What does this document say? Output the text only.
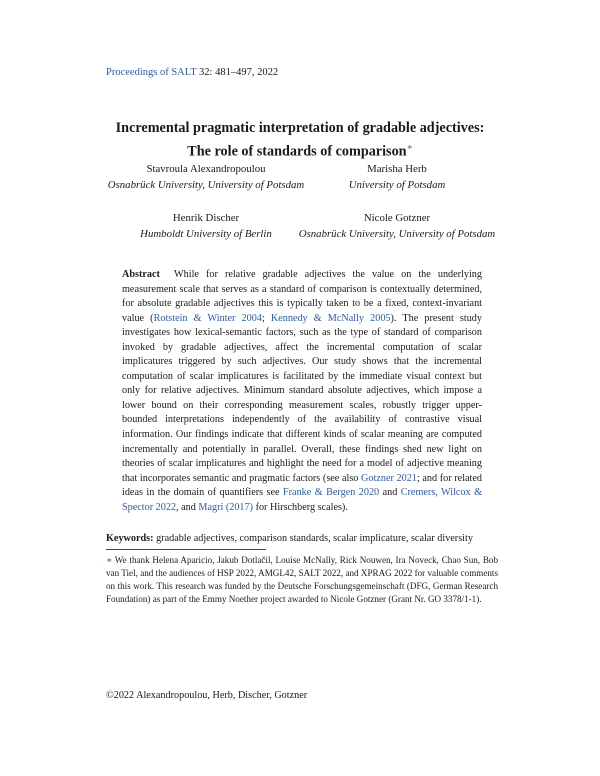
Proceedings of SALT 32: 481–497, 2022
Incremental pragmatic interpretation of gradable adjectives:
The role of standards of comparison∗
Stavroula Alexandropoulou
Osnabrück University, University of Potsdam
Marisha Herb
University of Potsdam
Henrik Discher
Humboldt University of Berlin
Nicole Gotzner
Osnabrück University, University of Potsdam
Abstract While for relative gradable adjectives the value on the underlying measurement scale that serves as a standard of comparison is contextually determined, for absolute gradable adjectives this is typically taken to be a fixed, context-invariant value (Rotstein & Winter 2004; Kennedy & McNally 2005). The present study investigates how lexical-semantic factors, such as the type of standard of comparison invoked by gradable adjectives, affect the incremental computation of scalar implicatures triggered by such adjectives. Our study shows that the incremental computation of scalar implicatures is facilitated by the immediate visual context but only for relative adjectives. Minimum standard absolute adjectives, which impose a lower bound on their corresponding measurement scales, robustly trigger upper-bounded interpretations independently of the availability of contrastive visual information. Our findings indicate that different kinds of scalar meaning are computed incrementally and potentially in parallel. Overall, these findings shed new light on theories of scalar implicatures and highlight the need for a model of adjective meaning that incorporates semantic and pragmatic factors (see also Gotzner 2021; and for related ideas in the domain of quantifiers see Franke & Bergen 2020 and Cremers, Wilcox & Spector 2022, and Magri (2017) for Hirschberg scales).
Keywords: gradable adjectives, comparison standards, scalar implicature, scalar diversity
∗ We thank Helena Aparicio, Jakub Dotlačil, Louise McNally, Rick Nouwen, Ira Noveck, Chao Sun, Bob van Tiel, and the audiences of HSP 2022, AMGL42, SALT 2022, and XPRAG 2022 for valuable comments on this work. This research was funded by the Deutsche Forschungsgemeinschaft (DFG, German Research Foundation) as part of the Emmy Noether project awarded to Nicole Gotzner (Grant Nr. GO 3378/1-1).
©2022 Alexandropoulou, Herb, Discher, Gotzner
